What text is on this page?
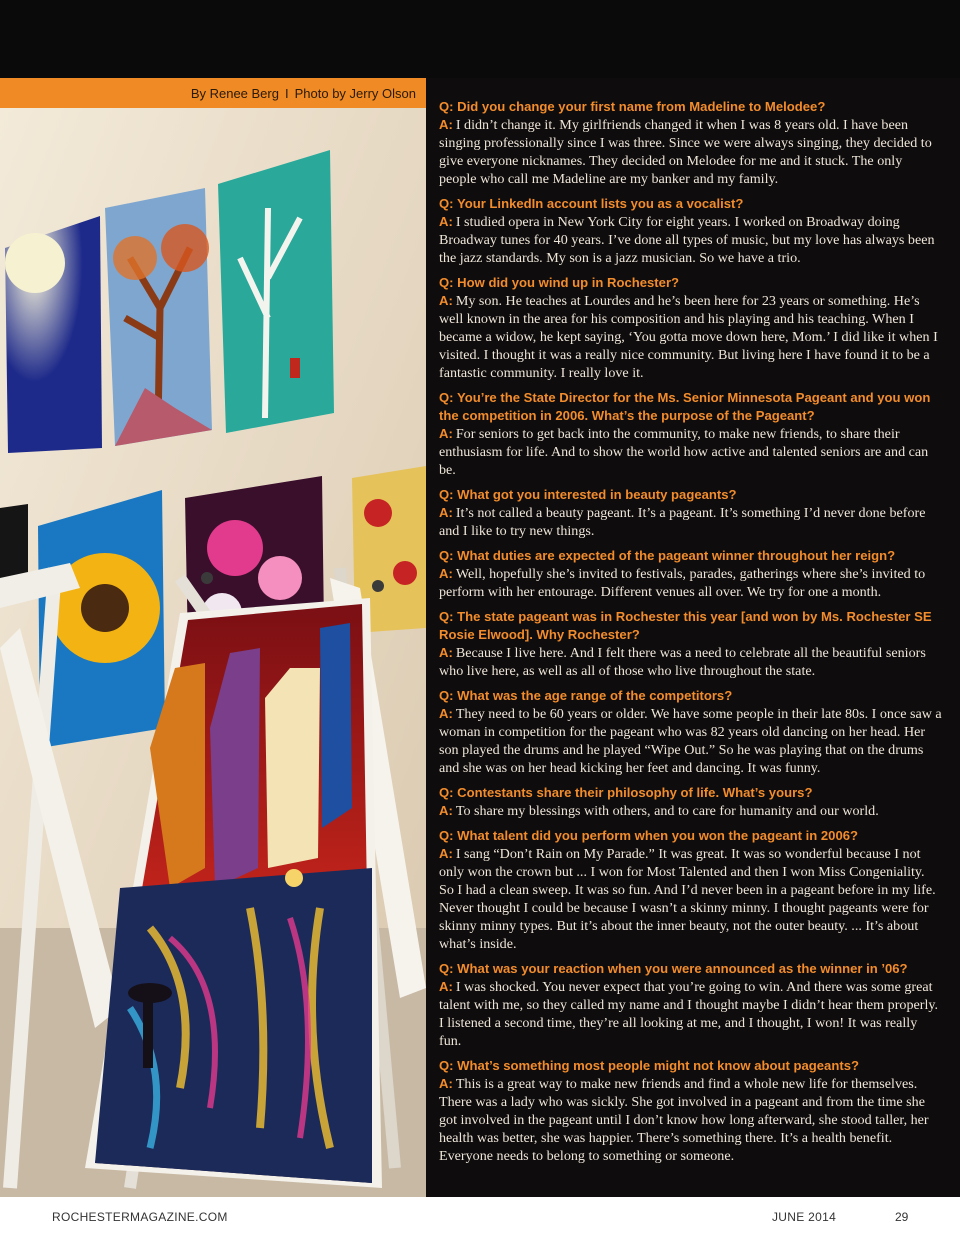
By Renee Berg I Photo by Jerry Olson
Q: Did you change your first name from Madeline to Melodee?
A: I didn’t change it. My girlfriends changed it when I was 8 years old. I have been singing professionally since I was three. Since we were always singing, they decided to give everyone nicknames. They decided on Melodee for me and it stuck. The only people who call me Madeline are my banker and my family.
Q: Your LinkedIn account lists you as a vocalist?
A: I studied opera in New York City for eight years. I worked on Broadway doing Broadway tunes for 40 years. I’ve done all types of music, but my love has always been the jazz standards. My son is a jazz musician. So we have a trio.
Q: How did you wind up in Rochester?
A: My son. He teaches at Lourdes and he’s been here for 23 years or something. He’s well known in the area for his composition and his playing and his teaching. When I became a widow, he kept saying, ‘You gotta move down here, Mom.’ I did like it when I visited. I thought it was a really nice community. But living here I have found it to be a fantastic community. I really love it.
Q: You’re the State Director for the Ms. Senior Minnesota Pageant and you won the competition in 2006. What’s the purpose of the Pageant?
A: For seniors to get back into the community, to make new friends, to share their enthusiasm for life. And to show the world how active and talented seniors are and can be.
Q: What got you interested in beauty pageants?
A: It’s not called a beauty pageant. It’s a pageant. It’s something I’d never done before and I like to try new things.
Q: What duties are expected of the pageant winner throughout her reign?
A: Well, hopefully she’s invited to festivals, parades, gatherings where she’s invited to perform with her entourage. Different venues all over. We try for one a month.
Q: The state pageant was in Rochester this year [and won by Ms. Rochester SE Rosie Elwood]. Why Rochester?
A: Because I live here. And I felt there was a need to celebrate all the beautiful seniors who live here, as well as all of those who live throughout the state.
Q: What was the age range of the competitors?
A: They need to be 60 years or older. We have some people in their late 80s. I once saw a woman in competition for the pageant who was 82 years old dancing on her head. Her son played the drums and he played “Wipe Out.” So he was playing that on the drums and she was on her head kicking her feet and dancing. It was funny.
Q: Contestants share their philosophy of life. What’s yours?
A: To share my blessings with others, and to care for humanity and our world.
Q: What talent did you perform when you won the pageant in 2006?
A: I sang “Don’t Rain on My Parade.” It was great. It was so wonderful because I not only won the crown but ... I won for Most Talented and then I won Miss Congeniality. So I had a clean sweep. It was so fun. And I’d never been in a pageant before in my life. Never thought I could be because I wasn’t a skinny minny. I thought pageants were for skinny minny types. But it’s about the inner beauty, not the outer beauty. ... It’s about what’s inside.
Q: What was your reaction when you were announced as the winner in ’06?
A: I was shocked. You never expect that you’re going to win. And there was some great talent with me, so they called my name and I thought maybe I didn’t hear them properly. I listened a second time, they’re all looking at me, and I thought, I won! It was really fun.
Q: What’s something most people might not know about pageants?
A: This is a great way to make new friends and find a whole new life for themselves. There was a lady who was sickly. She got involved in a pageant and from the time she got involved in the pageant until I don’t know how long afterward, she stood taller, her health was better, she was happier. There’s something there. It’s a health benefit. Everyone needs to belong to something or someone.
ROCHESTERMAGAZINE.COM	JUNE 2014	29
